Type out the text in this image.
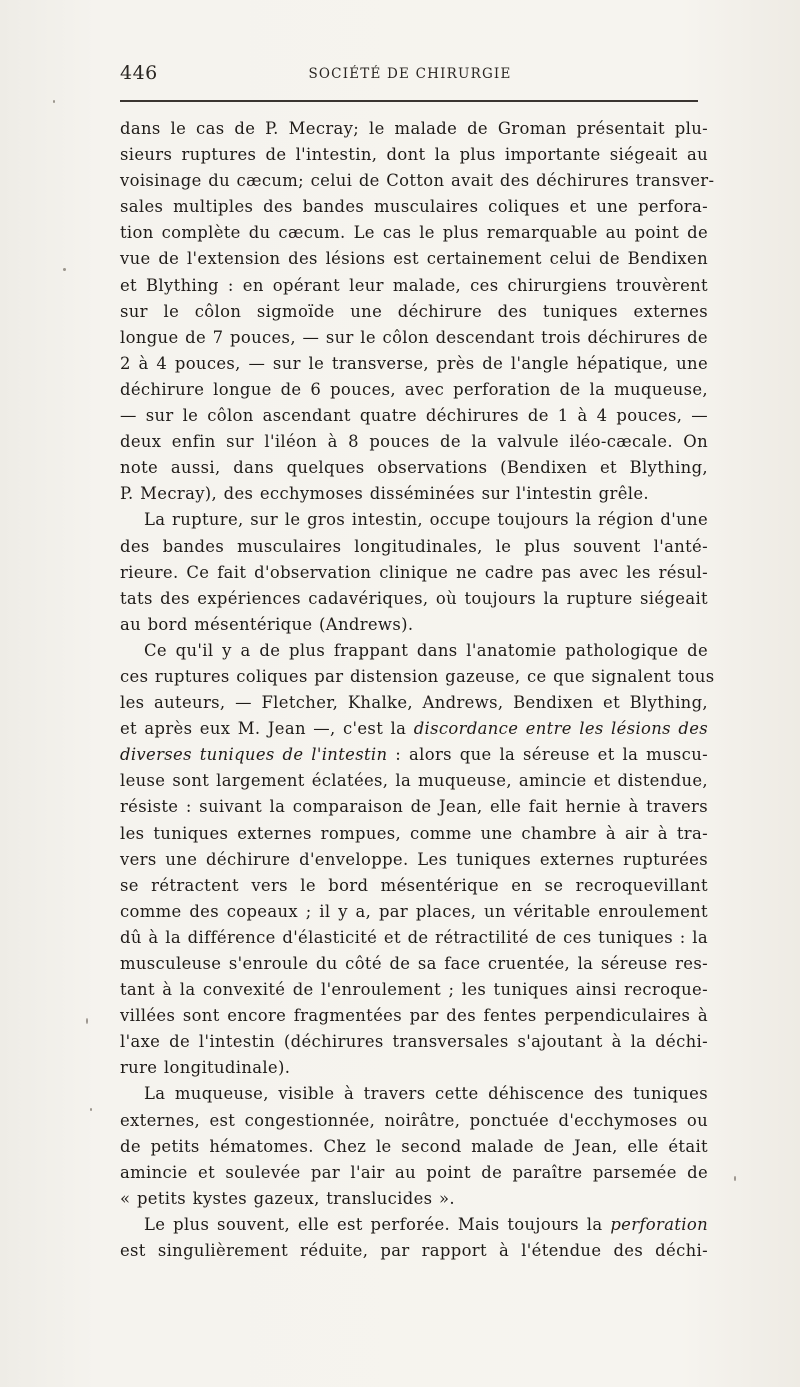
446	SOCIÉTÉ DE CHIRURGIE
dans le cas de P. Mecray; le malade de Groman présentait plu-
sieurs ruptures de l'intestin, dont la plus importante siégeait au
voisinage du cæcum; celui de Cotton avait des déchirures transver-
sales multiples des bandes musculaires coliques et une perfora-
tion complète du cæcum. Le cas le plus remarquable au point de
vue de l'extension des lésions est certainement celui de Bendixen
et Blything : en opérant leur malade, ces chirurgiens trouvèrent
sur le côlon sigmoïde une déchirure des tuniques externes
longue de 7 pouces, — sur le côlon descendant trois déchirures de
2 à 4 pouces, — sur le transverse, près de l'angle hépatique, une
déchirure longue de 6 pouces, avec perforation de la muqueuse,
— sur le côlon ascendant quatre déchirures de 1 à 4 pouces, —
deux enfin sur l'iléon à 8 pouces de la valvule iléo-cæcale. On
note aussi, dans quelques observations (Bendixen et Blything,
P. Mecray), des ecchymoses disséminées sur l'intestin grêle.
La rupture, sur le gros intestin, occupe toujours la région d'une
des bandes musculaires longitudinales, le plus souvent l'anté-
rieure. Ce fait d'observation clinique ne cadre pas avec les résul-
tats des expériences cadavériques, où toujours la rupture siégeait
au bord mésentérique (Andrews).
Ce qu'il y a de plus frappant dans l'anatomie pathologique de
ces ruptures coliques par distension gazeuse, ce que signalent tous
les auteurs, — Fletcher, Khalke, Andrews, Bendixen et Blything,
et après eux M. Jean —, c'est la discordance entre les lésions des
diverses tuniques de l'intestin : alors que la séreuse et la muscu-
leuse sont largement éclatées, la muqueuse, amincie et distendue,
résiste : suivant la comparaison de Jean, elle fait hernie à travers
les tuniques externes rompues, comme une chambre à air à tra-
vers une déchirure d'enveloppe. Les tuniques externes rupturées
se rétractent vers le bord mésentérique en se recroquevillant
comme des copeaux ; il y a, par places, un véritable enroulement
dû à la différence d'élasticité et de rétractilité de ces tuniques : la
musculeuse s'enroule du côté de sa face cruentée, la séreuse res-
tant à la convexité de l'enroulement ; les tuniques ainsi recroque-
villées sont encore fragmentées par des fentes perpendiculaires à
l'axe de l'intestin (déchirures transversales s'ajoutant à la déchi-
rure longitudinale).
La muqueuse, visible à travers cette déhiscence des tuniques
externes, est congestionnée, noirâtre, ponctuée d'ecchymoses ou
de petits hématomes. Chez le second malade de Jean, elle était
amincie et soulevée par l'air au point de paraître parsemée de
« petits kystes gazeux, translucides ».
Le plus souvent, elle est perforée. Mais toujours la perforation
est singulièrement réduite, par rapport à l'étendue des déchi-
